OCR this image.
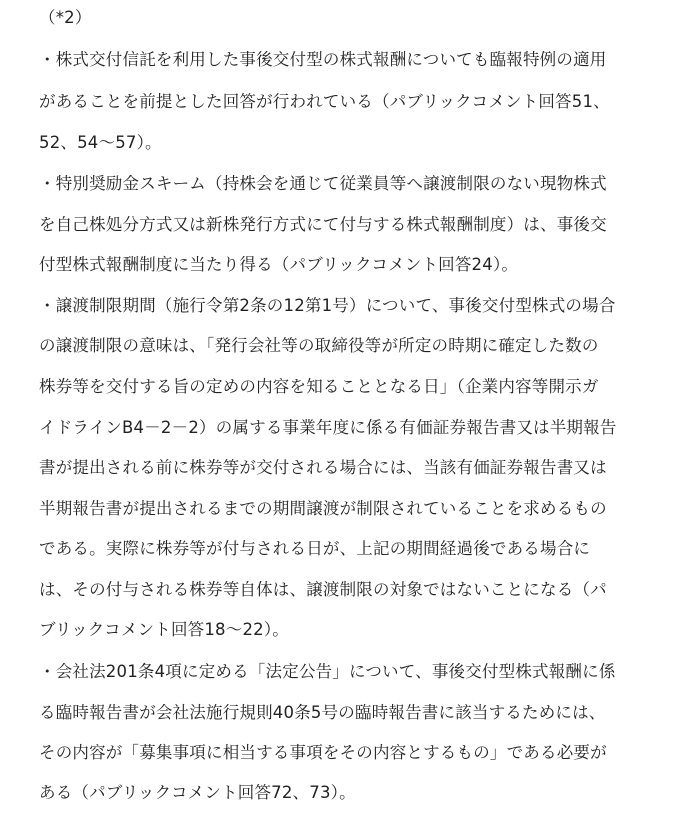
（*2）
・株式交付信託を利用した事後交付型の株式報酬についても臨報特例の適用
があることを前提とした回答が行われている（パブリックコメント回答51、
52、54～57）。
・特別奨励金スキーム（持株会を通じて従業員等へ譲渡制限のない現物株式
を自己株処分方式又は新株発行方式にて付与する株式報酬制度）は、事後交
付型株式報酬制度に当たり得る（パブリックコメント回答24）。
・譲渡制限期間（施行令第2条の12第1号）について、事後交付型株式の場合
の譲渡制限の意味は、「発行会社等の取締役等が所定の時期に確定した数の
株券等を交付する旨の定めの内容を知ることとなる日」（企業内容等開示ガ
イドラインB4－2－2）の属する事業年度に係る有価証券報告書又は半期報告
書が提出される前に株券等が交付される場合には、当該有価証券報告書又は
半期報告書が提出されるまでの期間譲渡が制限されていることを求めるもの
である。実際に株券等が付与される日が、上記の期間経過後である場合に
は、その付与される株券等自体は、譲渡制限の対象ではないことになる（パ
ブリックコメント回答18～22）。
・会社法201条4項に定める「法定公告」について、事後交付型株式報酬に係
る臨時報告書が会社法施行規則40条5号の臨時報告書に該当するためには、
その内容が「募集事項に相当する事項をその内容とするもの」である必要が
ある（パブリックコメント回答72、73）。
